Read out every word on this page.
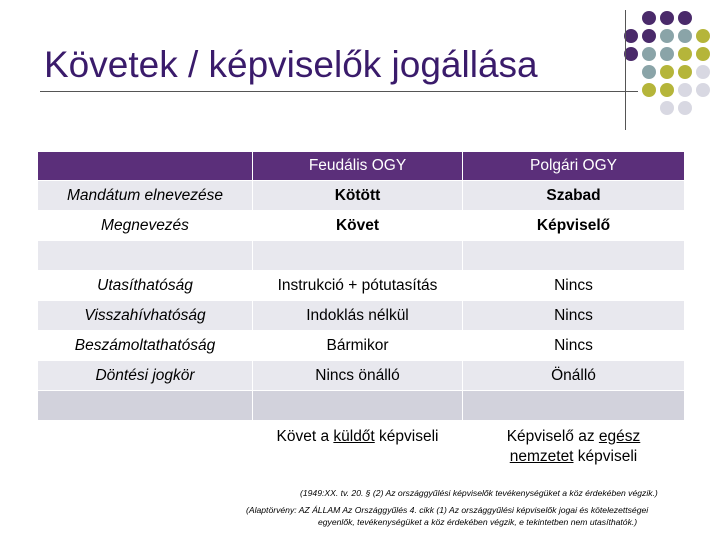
Követek / képviselők jogállása
	Feudális OGY	Polgári OGY
Mandátum elnevezése	Kötött	Szabad
Megnevezés	Követ	Képviselő

Utasíthatóság	Instrukció + pótutasítás	Nincs
Visszahívhatóság	Indoklás nélkül	Nincs
Beszámoltathatóság	Bármikor	Nincs
Döntési jogkör	Nincs önálló	Önálló

	Követ a küldőt képviseli	Képviselő az egész
nemzetet képviseli
(1949:XX. tv. 20. § (2) Az országgyűlési képviselők tevékenységüket a köz érdekében végzik.)
(Alaptörvény: AZ ÁLLAM Az Országgyűlés 4. cikk (1) Az országgyűlési képviselők jogai és kötelezettségei
egyenlők, tevékenységüket a köz érdekében végzik, e tekintetben nem utasíthatók.)
